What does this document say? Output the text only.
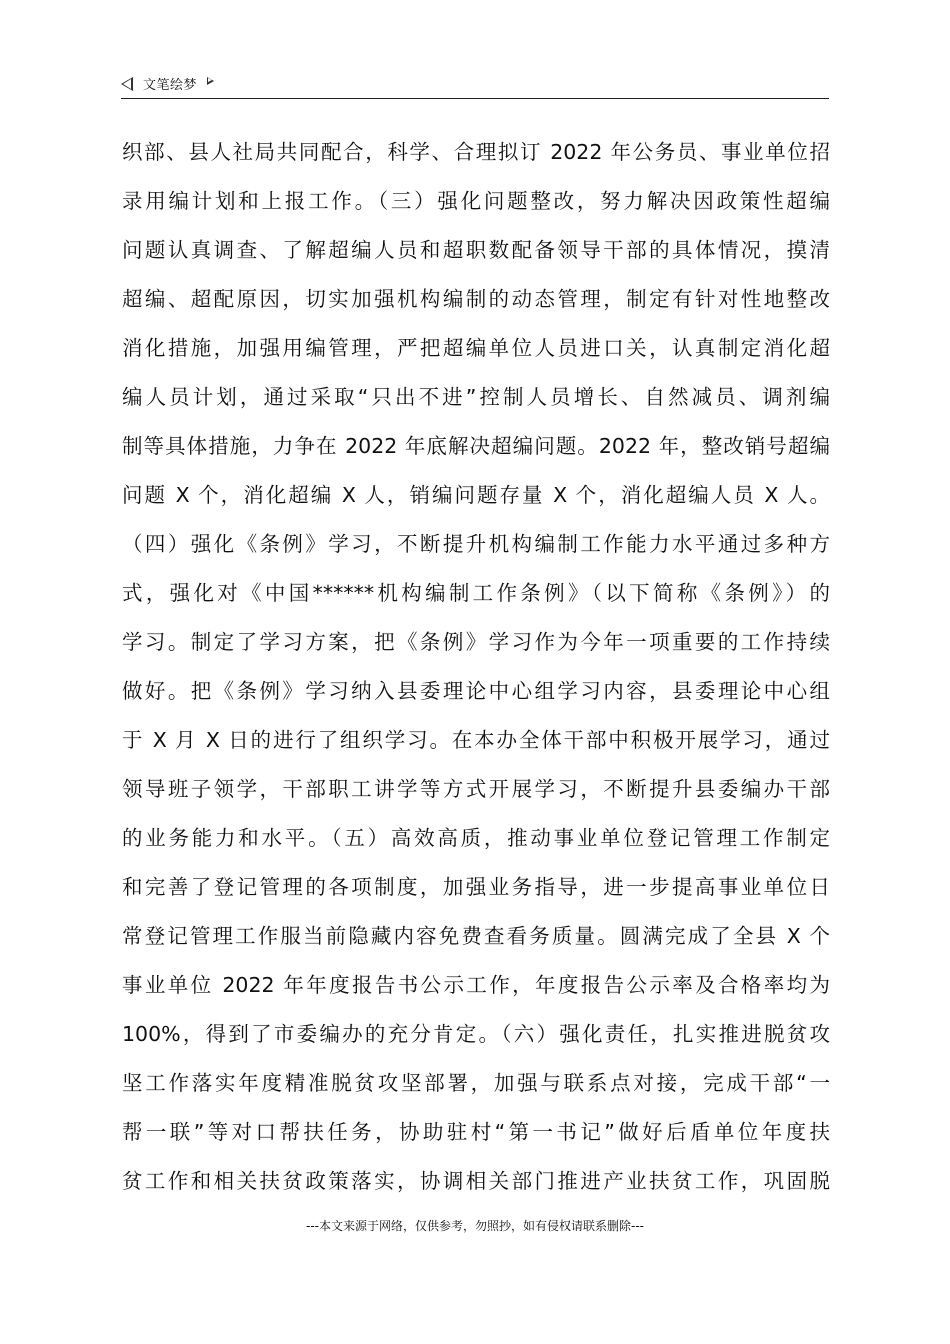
文笔绘梦
织部、县人社局共同配合，科学、合理拟订 2022 年公务员、事业单位招
录用编计划和上报工作。（三）强化问题整改，努力解决因政策性超编
问题认真调查、了解超编人员和超职数配备领导干部的具体情况，摸清
超编、超配原因，切实加强机构编制的动态管理，制定有针对性地整改
消化措施，加强用编管理，严把超编单位人员进口关，认真制定消化超
编人员计划，通过采取“只出不进”控制人员增长、自然减员、调剂编
制等具体措施，力争在 2022 年底解决超编问题。2022 年，整改销号超编
问题 X 个，消化超编 X 人，销编问题存量 X 个，消化超编人员 X 人。
（四）强化《条例》学习，不断提升机构编制工作能力水平通过多种方
式，强化对《中国******机构编制工作条例》（以下简称《条例》）的
学习。制定了学习方案，把《条例》学习作为今年一项重要的工作持续
做好。把《条例》学习纳入县委理论中心组学习内容，县委理论中心组
于 X 月 X 日的进行了组织学习。在本办全体干部中积极开展学习，通过
领导班子领学，干部职工讲学等方式开展学习，不断提升县委编办干部
的业务能力和水平。（五）高效高质，推动事业单位登记管理工作制定
和完善了登记管理的各项制度，加强业务指导，进一步提高事业单位日
常登记管理工作服当前隐藏内容免费查看务质量。圆满完成了全县 X 个
事业单位 2022 年年度报告书公示工作，年度报告公示率及合格率均为
100%，得到了市委编办的充分肯定。（六）强化责任，扎实推进脱贫攻
坚工作落实年度精准脱贫攻坚部署，加强与联系点对接，完成干部“一
帮一联”等对口帮扶任务，协助驻村“第一书记”做好后盾单位年度扶
贫工作和相关扶贫政策落实，协调相关部门推进产业扶贫工作，巩固脱
---本文来源于网络，仅供参考，勿照抄，如有侵权请联系删除---
